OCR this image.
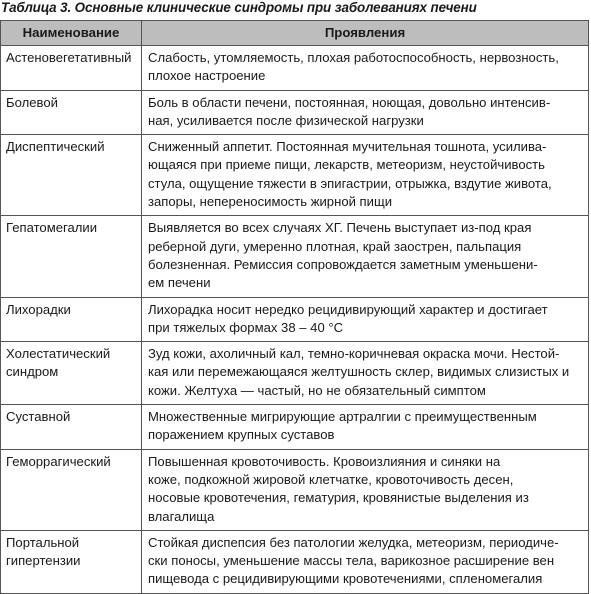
Таблица 3. Основные клинические синдромы при заболеваниях печени
Наименование	Проявления

Астеновегетативный	Слабость, утомляемость, плохая работоспособность, нервозность,
плохое настроение

Болевой	Боль в области печени, постоянная, ноющая, довольно интенсив-
ная, усиливается после физической нагрузки

Диспептический	Сниженный аппетит. Постоянная мучительная тошнота, усилива-
ющаяся при приеме пищи, лекарств, метеоризм, неустойчивость
стула, ощущение тяжести в эпигастрии, отрыжка, вздутие живота,
запоры, непереносимость жирной пищи

Гепатомегалии	Выявляется во всех случаях ХГ. Печень выступает из-под края
реберной дуги, умеренно плотная, край заострен, пальпация
болезненная. Ремиссия сопровождается заметным уменьшени-
ем печени

Лихорадки	Лихорадка носит нередко рецидивирующий характер и достигает
при тяжелых формах 38 – 40 °С

Холестатический
синдром	Зуд кожи, ахоличный кал, темно-коричневая окраска мочи. Нестой-
кая или перемежающаяся желтушность склер, видимых слизистых и
кожи. Желтуха — частый, но не обязательный симптом

Суставной	Множественные мигрирующие артралгии с преимущественным
поражением крупных суставов

Геморрагический	Повышенная кровоточивость. Кровоизлияния и синяки на
коже, подкожной жировой клетчатке, кровоточивость десен,
носовые кровотечения, гематурия, кровянистые выделения из
влагалища

Портальной
гипертензии	Стойкая диспепсия без патологии желудка, метеоризм, периодиче-
ски поносы, уменьшение массы тела, варикозное расширение вен
пищевода с рецидивирующими кровотечениями, спленомегалия
